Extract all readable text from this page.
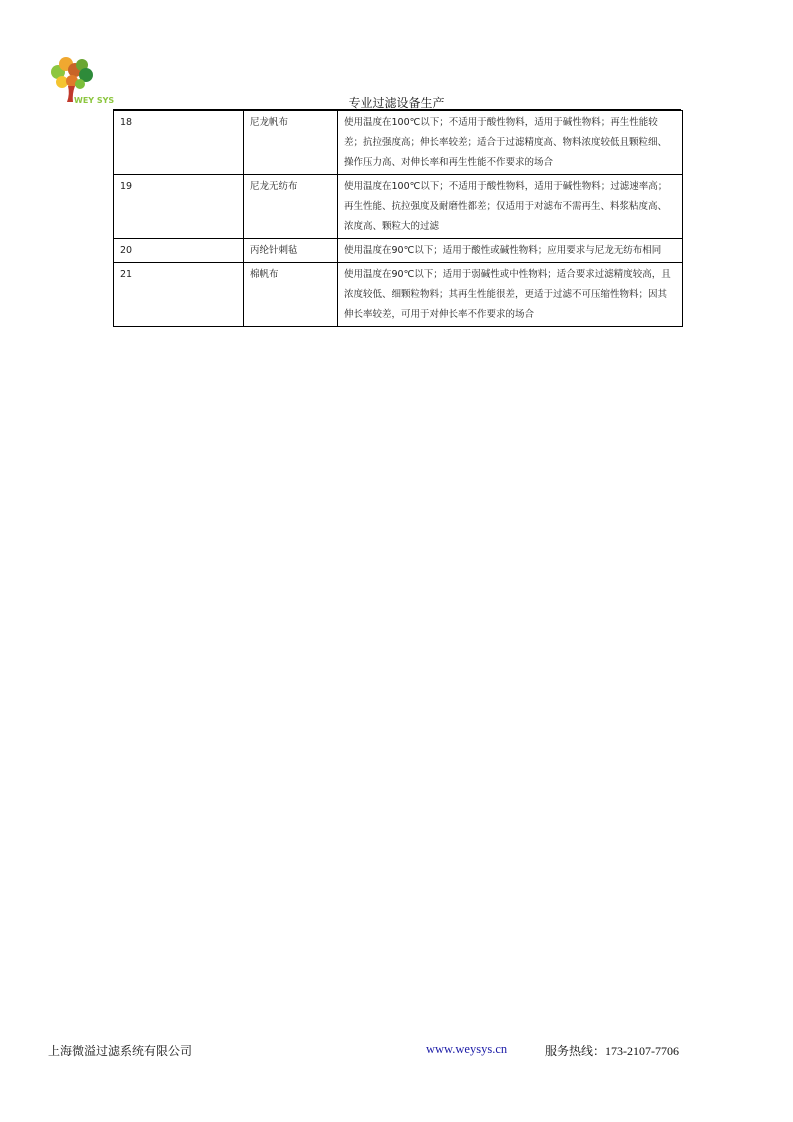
WEY SYS	专业过滤设备生产
18	尼龙帆布	使用温度在100℃以下；不适用于酸性物料，适用于碱性物料；再生性能较差；抗拉强度高；伸长率较差；适合于过滤精度高、物料浓度较低且颗粒细、操作压力高、对伸长率和再生性能不作要求的场合
19	尼龙无纺布	使用温度在100℃以下；不适用于酸性物料，适用于碱性物料；过滤速率高；再生性能、抗拉强度及耐磨性都差；仅适用于对滤布不需再生、料浆粘度高、浓度高、颗粒大的过滤
20	丙纶针刺毡	使用温度在90℃以下；适用于酸性或碱性物料；应用要求与尼龙无纺布相同
21	棉帆布	使用温度在90℃以下；适用于弱碱性或中性物料；适合要求过滤精度较高，且浓度较低、细颗粒物料；其再生性能很差，更适于过滤不可压缩性物料；因其伸长率较差，可用于对伸长率不作要求的场合
上海微溢过滤系统有限公司	www.weysys.cn	服务热线：173-2107-7706
